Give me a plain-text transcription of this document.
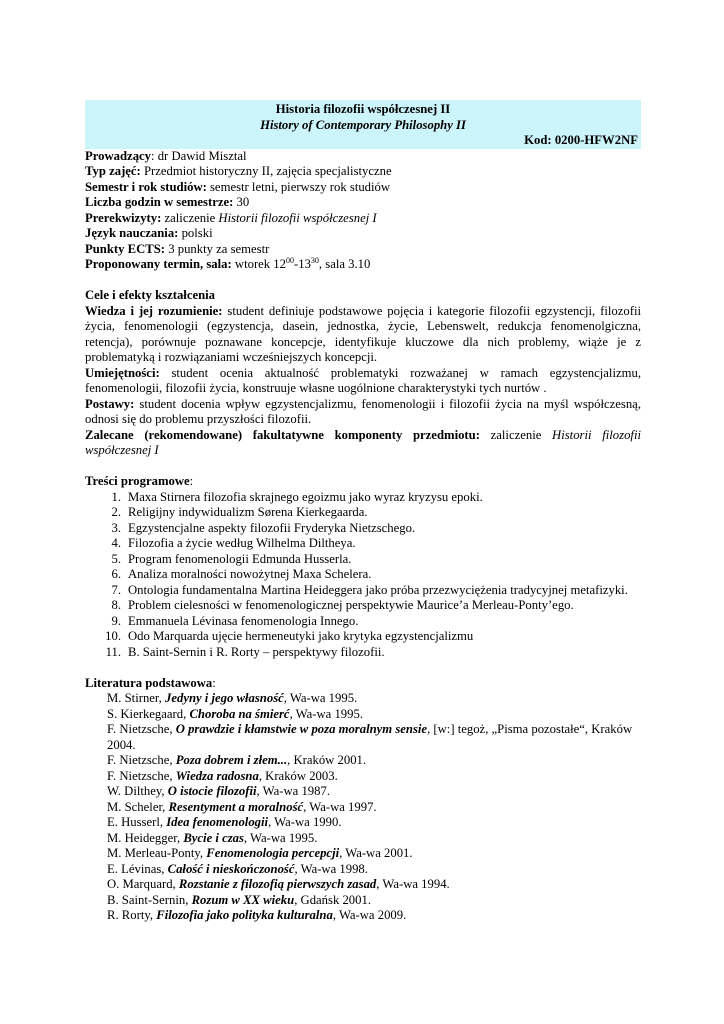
Historia filozofii współczesnej II
History of Contemporary Philosophy II
Kod: 0200-HFW2NF
Prowadzący: dr Dawid Misztal
Typ zajęć: Przedmiot historyczny II, zajęcia specjalistyczne
Semestr i rok studiów: semestr letni, pierwszy rok studiów
Liczba godzin w semestrze: 30
Prerekwizyty: zaliczenie Historii filozofii współczesnej I
Język nauczania: polski
Punkty ECTS: 3 punkty za semestr
Proponowany termin, sala: wtorek $12^{00}-13^{30}$, sala 3.10
Cele i efekty kształcenia
Wiedza i jej rozumienie: student definiuje podstawowe pojęcia i kategorie filozofii egzystencji, filozofii życia, fenomenologii (egzystencja, dasein, jednostka, życie, Lebenswelt, redukcja fenomenolgiczna, retencja), porównuje poznawane koncepcje, identyfikuje kluczowe dla nich problemy, wiąże je z problematyką i rozwiązaniami wcześniejszych koncepcji.
Umiejętności: student ocenia aktualność problematyki rozważanej w ramach egzystencjalizmu, fenomenologii, filozofii życia, konstruuje własne uogólnione charakterystyki tych nurtów .
Postawy: student docenia wpływ egzystencjalizmu, fenomenologii i filozofii życia na myśl współczesną, odnosi się do problemu przyszłości filozofii.
Zalecane (rekomendowane) fakultatywne komponenty przedmiotu: zaliczenie Historii filozofii współczesnej I
Treści programowe:
1. Maxa Stirnera filozofia skrajnego egoizmu jako wyraz kryzysu epoki.
2. Religijny indywidualizm Sørena Kierkegaarda.
3. Egzystencjalne aspekty filozofii Fryderyka Nietzschego.
4. Filozofia a życie według Wilhelma Diltheya.
5. Program fenomenologii Edmunda Husserla.
6. Analiza moralności nowożytnej Maxa Schelera.
7. Ontologia fundamentalna Martina Heideggera jako próba przezwyciężenia tradycyjnej metafizyki.
8. Problem cielesności w fenomenologicznej perspektywie Maurice’a Merleau-Ponty’ego.
9. Emmanuela Lévinasa fenomenologia Innego.
10. Odo Marquarda ujęcie hermeneutyki jako krytyka egzystencjalizmu
11. B. Saint-Sernin i R. Rorty – perspektywy filozofii.
Literatura podstawowa:
M. Stirner, Jedyny i jego własność, Wa-wa 1995.
S. Kierkegaard, Choroba na śmierć, Wa-wa 1995.
F. Nietzsche, O prawdzie i kłamstwie w poza moralnym sensie, [w:] tegoż, „Pisma pozostałe“, Kraków 2004.
F. Nietzsche, Poza dobrem i złem..., Kraków 2001.
F. Nietzsche, Wiedza radosna, Kraków 2003.
W. Dilthey, O istocie filozofii, Wa-wa 1987.
M. Scheler, Resentyment a moralność, Wa-wa 1997.
E. Husserl, Idea fenomenologii, Wa-wa 1990.
M. Heidegger, Bycie i czas, Wa-wa 1995.
M. Merleau-Ponty, Fenomenologia percepcji, Wa-wa 2001.
E. Lévinas, Całość i nieskończoność, Wa-wa 1998.
O. Marquard, Rozstanie z filozofią pierwszych zasad, Wa-wa 1994.
B. Saint-Sernin, Rozum w XX wieku, Gdańsk 2001.
R. Rorty, Filozofia jako polityka kulturalna, Wa-wa 2009.
